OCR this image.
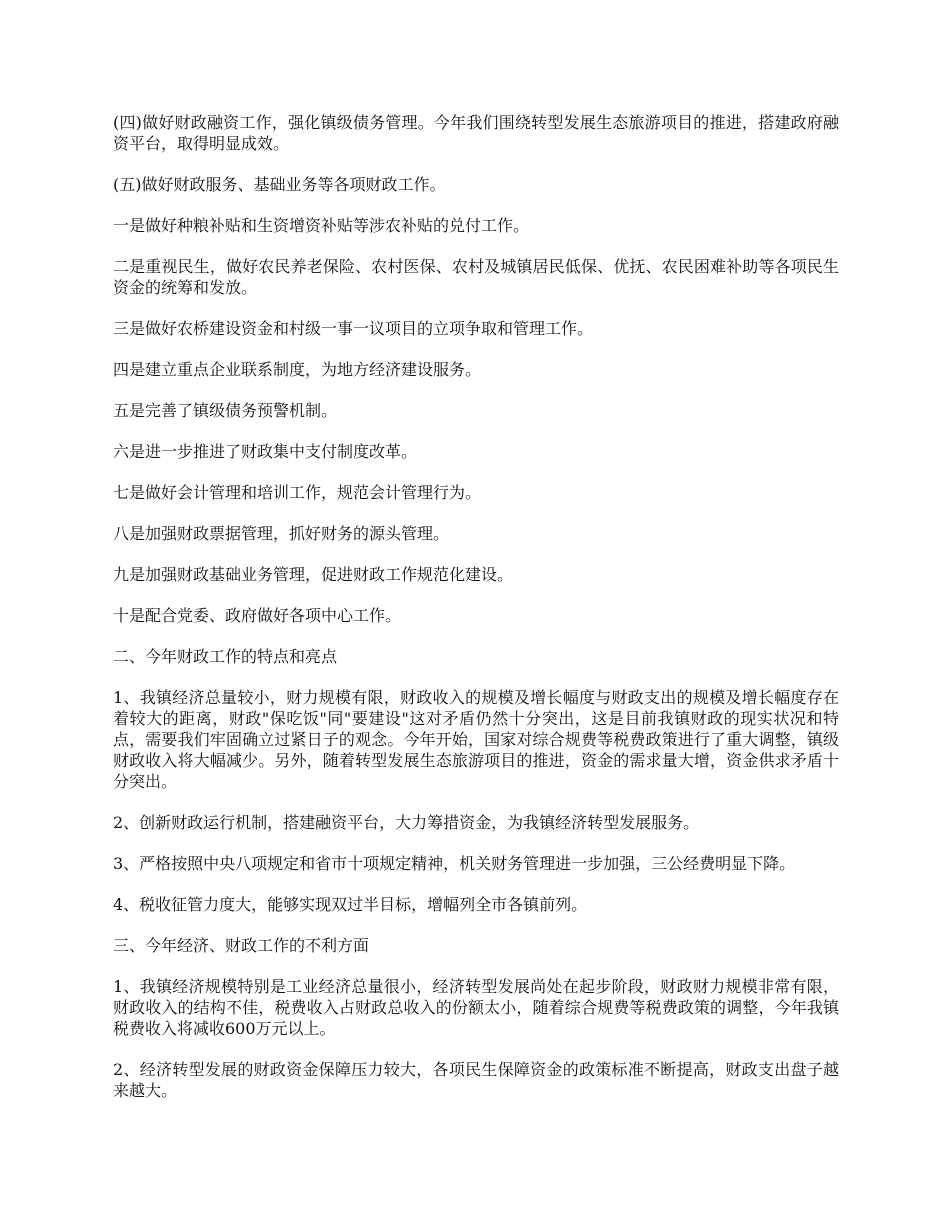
(四)做好财政融资工作，强化镇级债务管理。今年我们围绕转型发展生态旅游项目的推进，搭建政府融资平台，取得明显成效。

(五)做好财政服务、基础业务等各项财政工作。

一是做好种粮补贴和生资增资补贴等涉农补贴的兑付工作。

二是重视民生，做好农民养老保险、农村医保、农村及城镇居民低保、优抚、农民困难补助等各项民生资金的统筹和发放。

三是做好农桥建设资金和村级一事一议项目的立项争取和管理工作。

四是建立重点企业联系制度，为地方经济建设服务。

五是完善了镇级债务预警机制。

六是进一步推进了财政集中支付制度改革。

七是做好会计管理和培训工作，规范会计管理行为。

八是加强财政票据管理，抓好财务的源头管理。

九是加强财政基础业务管理，促进财政工作规范化建设。

十是配合党委、政府做好各项中心工作。

二、今年财政工作的特点和亮点

1、我镇经济总量较小，财力规模有限，财政收入的规模及增长幅度与财政支出的规模及增长幅度存在着较大的距离，财政"保吃饭"同"要建设"这对矛盾仍然十分突出，这是目前我镇财政的现实状况和特点，需要我们牢固确立过紧日子的观念。今年开始，国家对综合规费等税费政策进行了重大调整，镇级财政收入将大幅减少。另外，随着转型发展生态旅游项目的推进，资金的需求量大增，资金供求矛盾十分突出。

2、创新财政运行机制，搭建融资平台，大力筹措资金，为我镇经济转型发展服务。

3、严格按照中央八项规定和省市十项规定精神，机关财务管理进一步加强，三公经费明显下降。

4、税收征管力度大，能够实现双过半目标，增幅列全市各镇前列。

三、今年经济、财政工作的不利方面

1、我镇经济规模特别是工业经济总量很小，经济转型发展尚处在起步阶段，财政财力规模非常有限，财政收入的结构不佳，税费收入占财政总收入的份额太小，随着综合规费等税费政策的调整，今年我镇税费收入将减收600万元以上。

2、经济转型发展的财政资金保障压力较大，各项民生保障资金的政策标准不断提高，财政支出盘子越来越大。
